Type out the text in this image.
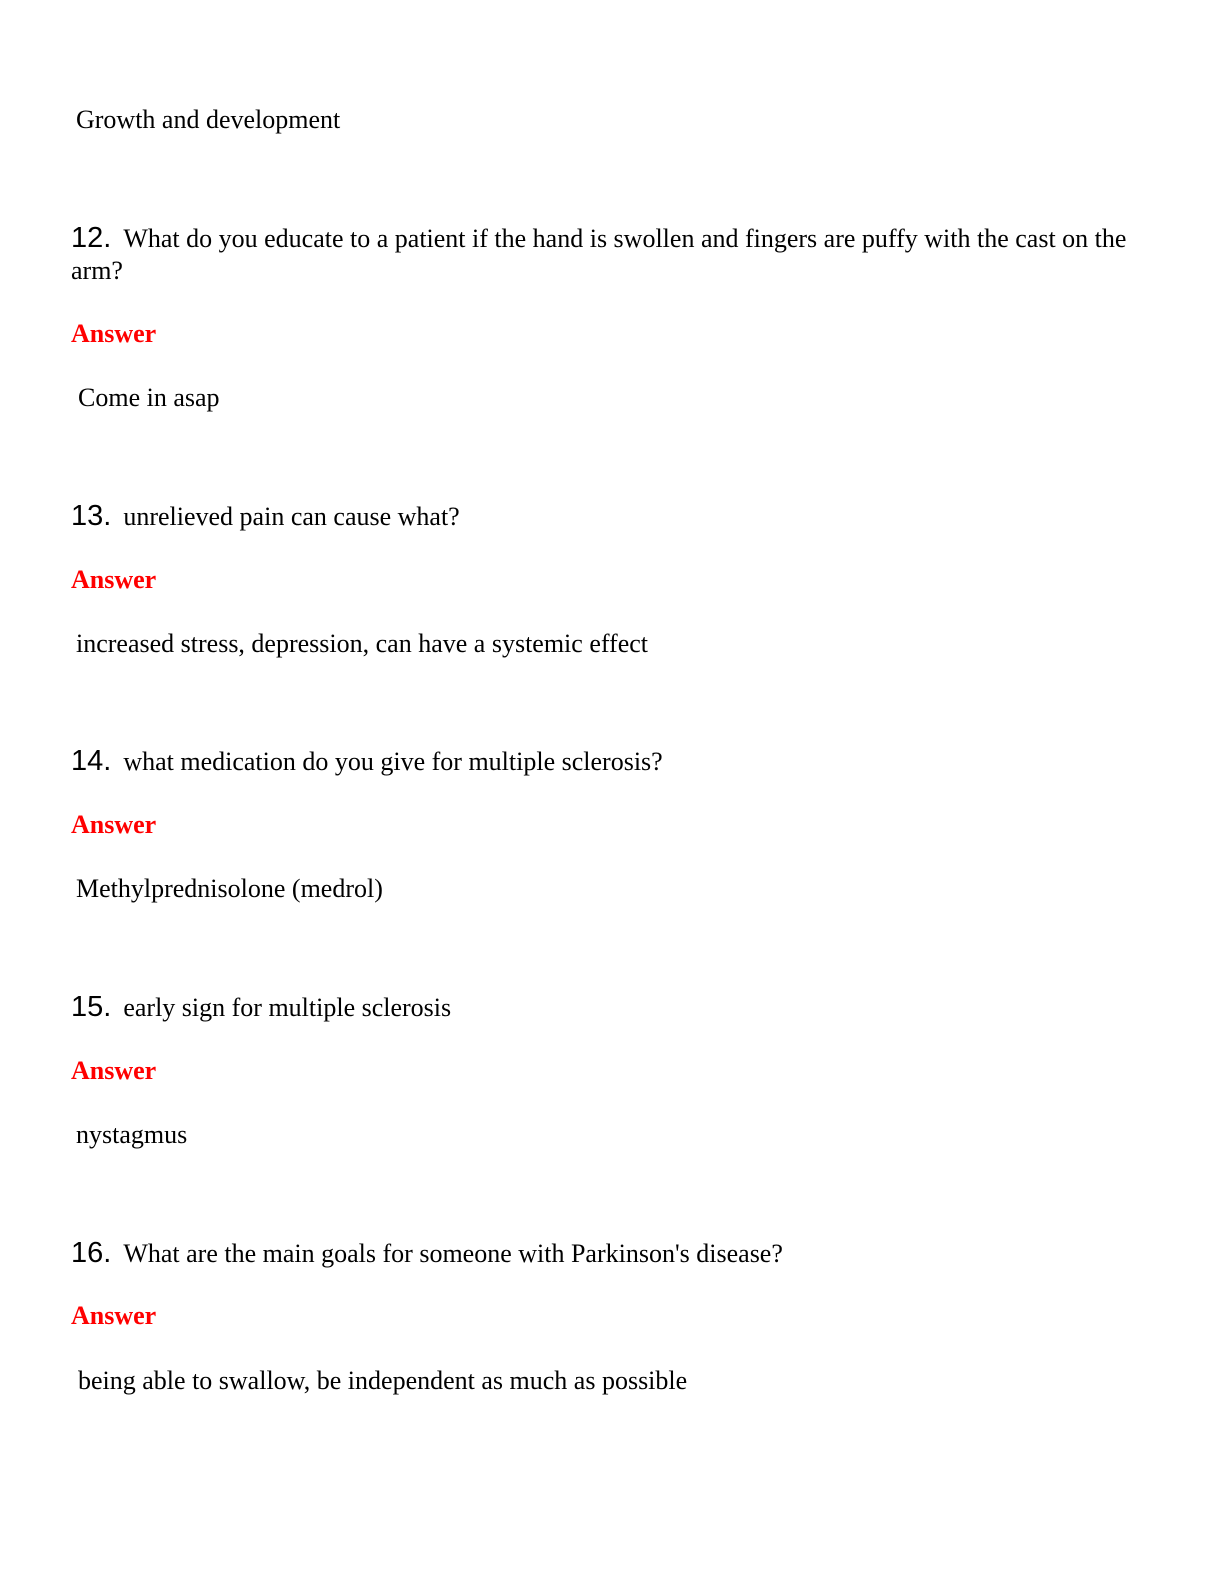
Growth and development
12. What do you educate to a patient if the hand is swollen and fingers are puffy with the cast on the arm?
Answer
Come in asap
13. unrelieved pain can cause what?
Answer
increased stress, depression, can have a systemic effect
14. what medication do you give for multiple sclerosis?
Answer
Methylprednisolone (medrol)
15. early sign for multiple sclerosis
Answer
nystagmus
16. What are the main goals for someone with Parkinson's disease?
Answer
being able to swallow, be independent as much as possible
